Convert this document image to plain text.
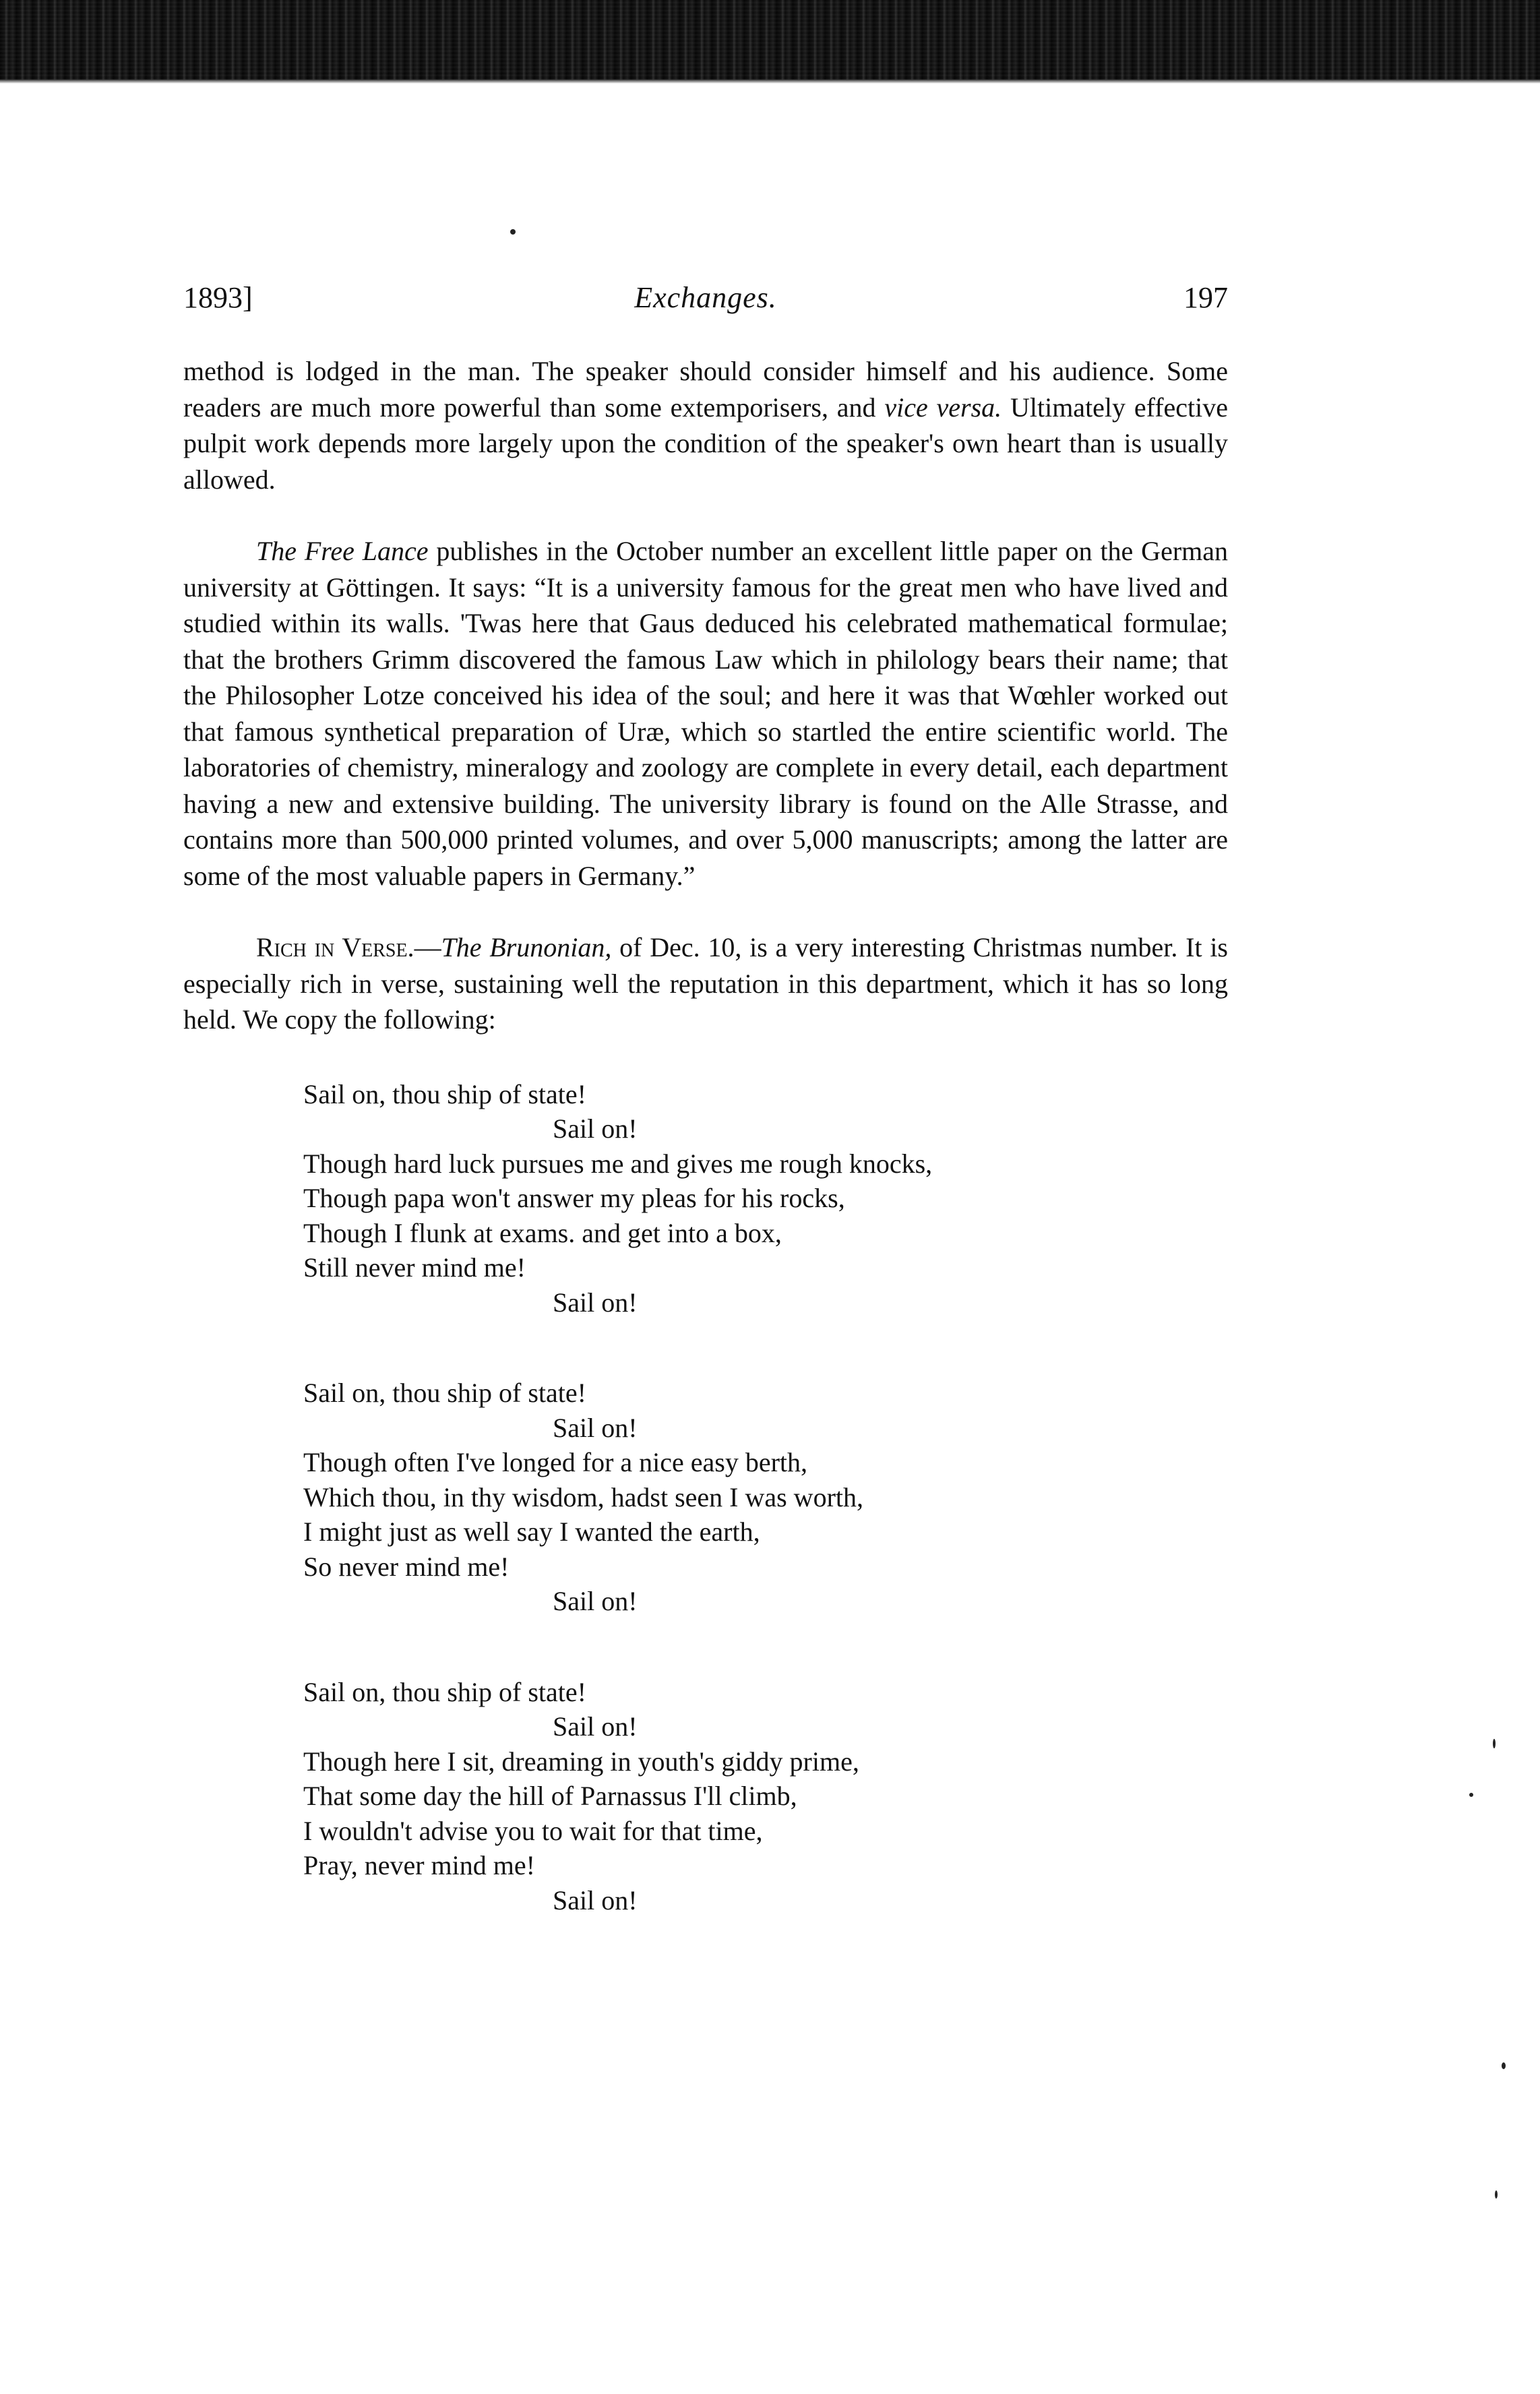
1893]	Exchanges.	197

method is lodged in the man. The speaker should consider himself and his audience. Some readers are much more powerful than some extemporisers, and vice versa. Ultimately effective pulpit work depends more largely upon the condition of the speaker's own heart than is usually allowed.

The Free Lance publishes in the October number an excellent little paper on the German university at Göttingen. It says: “It is a university famous for the great men who have lived and studied within its walls. 'Twas here that Gaus deduced his celebrated mathematical formulae; that the brothers Grimm discovered the famous Law which in philology bears their name; that the Philosopher Lotze conceived his idea of the soul; and here it was that Wœhler worked out that famous synthetical preparation of Uræ, which so startled the entire scientific world. The laboratories of chemistry, mineralogy and zoology are complete in every detail, each department having a new and extensive building. The university library is found on the Alle Strasse, and contains more than 500,000 printed volumes, and over 5,000 manuscripts; among the latter are some of the most valuable papers in Germany.”

Rich in Verse.—The Brunonian, of Dec. 10, is a very interesting Christmas number. It is especially rich in verse, sustaining well the reputation in this department, which it has so long held. We copy the following:

Sail on, thou ship of state!
Sail on!
Though hard luck pursues me and gives me rough knocks,
Though papa won't answer my pleas for his rocks,
Though I flunk at exams. and get into a box,
Still never mind me!
Sail on!
Sail on, thou ship of state!
Sail on!
Though often I've longed for a nice easy berth,
Which thou, in thy wisdom, hadst seen I was worth,
I might just as well say I wanted the earth,
So never mind me!
Sail on!
Sail on, thou ship of state!
Sail on!
Though here I sit, dreaming in youth's giddy prime,
That some day the hill of Parnassus I'll climb,
I wouldn't advise you to wait for that time,
Pray, never mind me!
Sail on!
